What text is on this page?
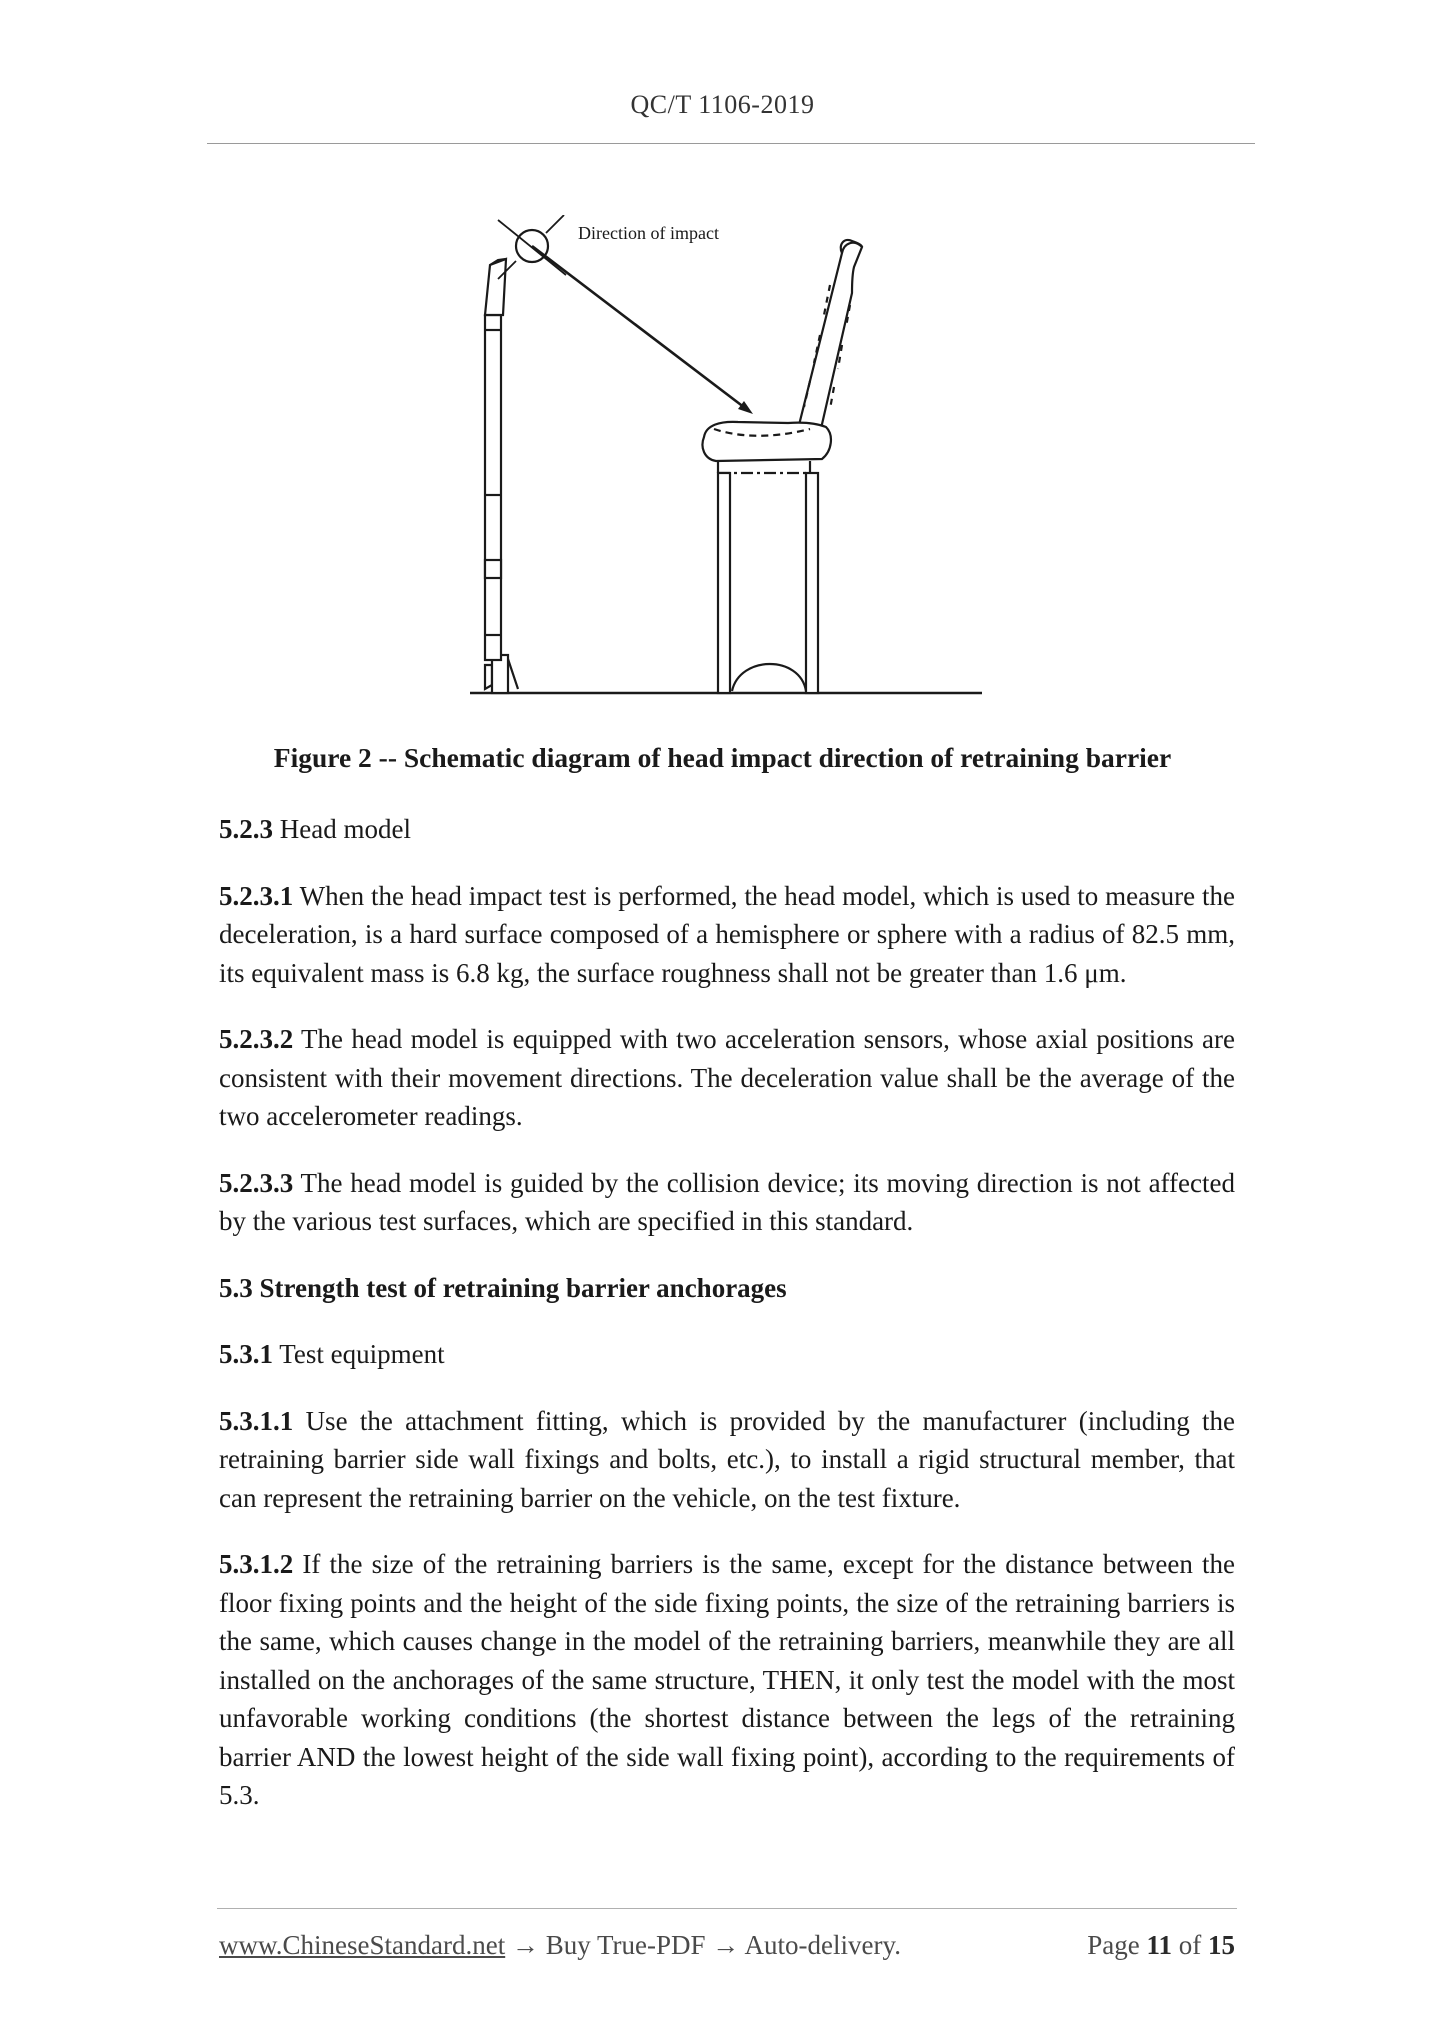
QC/T 1106-2019
Direction of impact
Figure 2 -- Schematic diagram of head impact direction of retraining barrier

5.2.3 Head model

5.2.3.1 When the head impact test is performed, the head model, which is used to measure the deceleration, is a hard surface composed of a hemisphere or sphere with a radius of 82.5 mm, its equivalent mass is 6.8 kg, the surface roughness shall not be greater than 1.6 μm.

5.2.3.2 The head model is equipped with two acceleration sensors, whose axial positions are consistent with their movement directions. The deceleration value shall be the average of the two accelerometer readings.

5.2.3.3 The head model is guided by the collision device; its moving direction is not affected by the various test surfaces, which are specified in this standard.

5.3 Strength test of retraining barrier anchorages

5.3.1 Test equipment

5.3.1.1 Use the attachment fitting, which is provided by the manufacturer (including the retraining barrier side wall fixings and bolts, etc.), to install a rigid structural member, that can represent the retraining barrier on the vehicle, on the test fixture.

5.3.1.2 If the size of the retraining barriers is the same, except for the distance between the floor fixing points and the height of the side fixing points, the size of the retraining barriers is the same, which causes change in the model of the retraining barriers, meanwhile they are all installed on the anchorages of the same structure, THEN, it only test the model with the most unfavorable working conditions (the shortest distance between the legs of the retraining barrier AND the lowest height of the side wall fixing point), according to the requirements of 5.3.

www.ChineseStandard.net → Buy True-PDF → Auto-delivery.	Page 11 of 15
